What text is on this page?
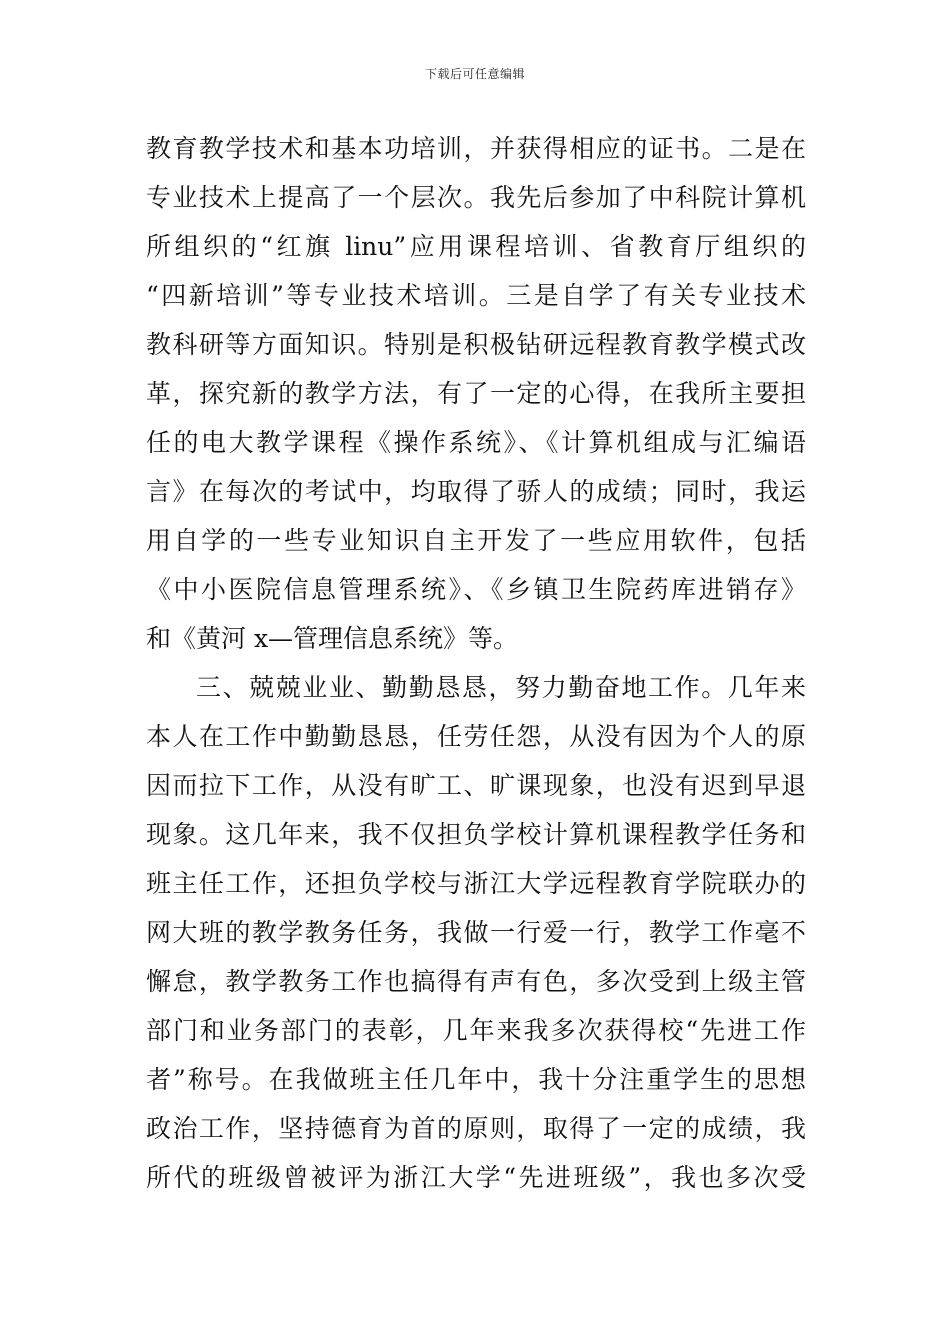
下载后可任意编辑
教育教学技术和基本功培训，并获得相应的证书。二是在
专业技术上提高了一个层次。我先后参加了中科院计算机
所组织的“红旗 linu”应用课程培训、省教育厅组织的
“四新培训”等专业技术培训。三是自学了有关专业技术
教科研等方面知识。特别是积极钻研远程教育教学模式改
革，探究新的教学方法，有了一定的心得，在我所主要担
任的电大教学课程《操作系统》、《计算机组成与汇编语
言》在每次的考试中，均取得了骄人的成绩；同时，我运
用自学的一些专业知识自主开发了一些应用软件，包括
《中小医院信息管理系统》、《乡镇卫生院药库进销存》
和《黄河 x—管理信息系统》等。
三、兢兢业业、勤勤恳恳，努力勤奋地工作。几年来
本人在工作中勤勤恳恳，任劳任怨，从没有因为个人的原
因而拉下工作，从没有旷工、旷课现象，也没有迟到早退
现象。这几年来，我不仅担负学校计算机课程教学任务和
班主任工作，还担负学校与浙江大学远程教育学院联办的
网大班的教学教务任务，我做一行爱一行，教学工作毫不
懈怠，教学教务工作也搞得有声有色，多次受到上级主管
部门和业务部门的表彰，几年来我多次获得校“先进工作
者”称号。在我做班主任几年中，我十分注重学生的思想
政治工作，坚持德育为首的原则，取得了一定的成绩，我
所代的班级曾被评为浙江大学“先进班级”，我也多次受
